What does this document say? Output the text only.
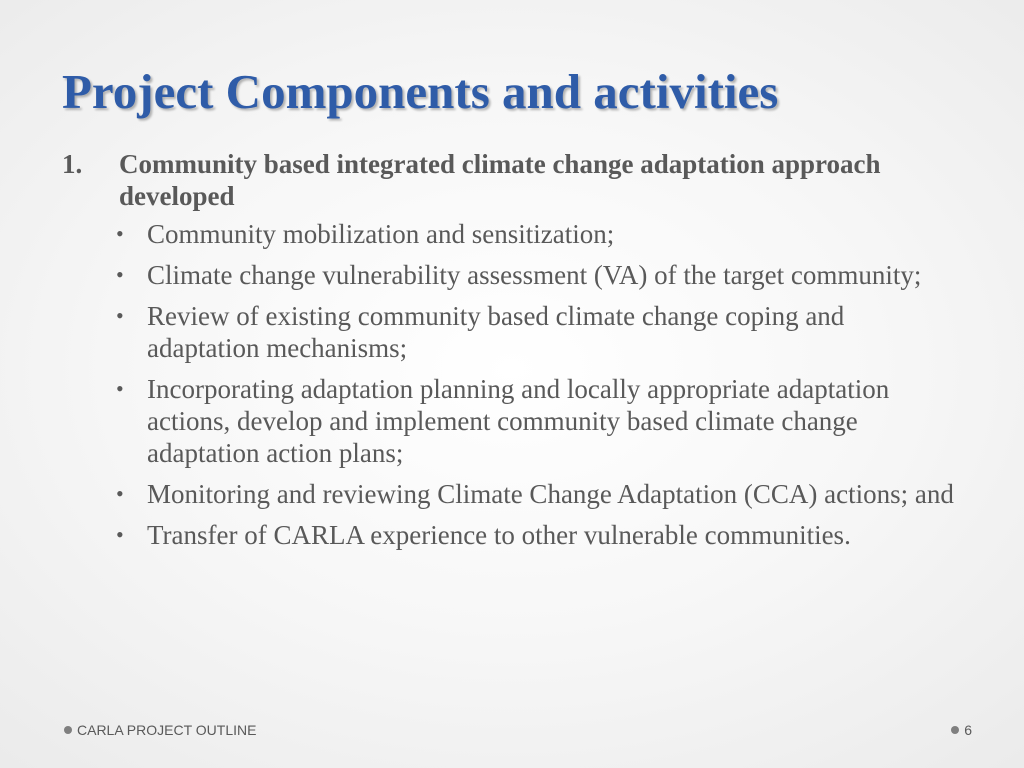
Project Components and activities
1.	Community based integrated climate change adaptation approach developed
• Community mobilization and sensitization;
• Climate change vulnerability assessment (VA) of the target community;
• Review of existing community based climate change coping and adaptation mechanisms;
• Incorporating adaptation planning and locally appropriate adaptation actions, develop and implement community based climate change adaptation action plans;
• Monitoring and reviewing Climate Change Adaptation (CCA) actions; and
• Transfer of CARLA experience to other vulnerable communities.
CARLA PROJECT OUTLINE	6
